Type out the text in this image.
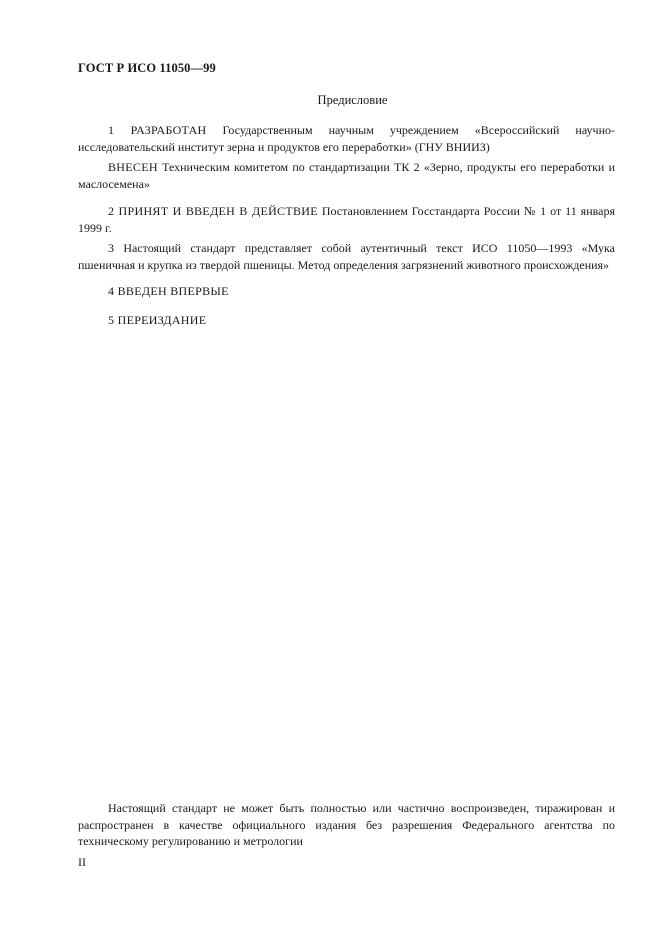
ГОСТ Р ИСО 11050—99
Предисловие

1 РАЗРАБОТАН Государственным научным учреждением «Всероссийский научно-исследовательский институт зерна и продуктов его переработки» (ГНУ ВНИИЗ)

ВНЕСЕН Техническим комитетом по стандартизации ТК 2 «Зерно, продукты его переработки и маслосемена»

2 ПРИНЯТ И ВВЕДЕН В ДЕЙСТВИЕ Постановлением Госстандарта России № 1 от 11 января 1999 г.

3 Настоящий стандарт представляет собой аутентичный текст ИСО 11050—1993 «Мука пшеничная и крупка из твердой пшеницы. Метод определения загрязнений животного происхождения»

4 ВВЕДЕН ВПЕРВЫЕ

5 ПЕРЕИЗДАНИЕ

Настоящий стандарт не может быть полностью или частично воспроизведен, тиражирован и распространен в качестве официального издания без разрешения Федерального агентства по техническому регулированию и метрологии

II
